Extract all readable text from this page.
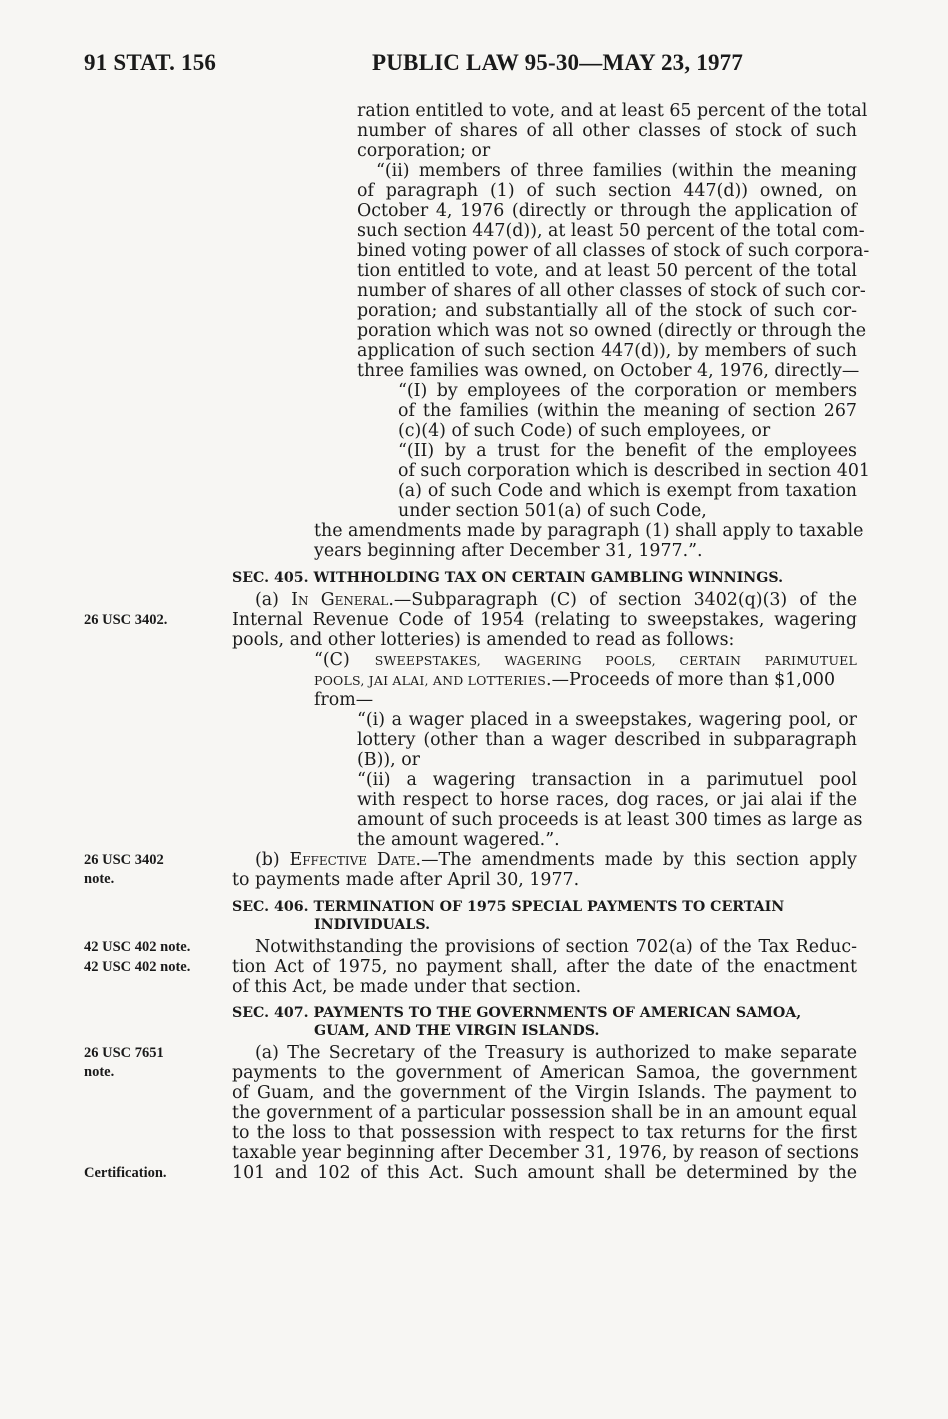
91 STAT. 156	PUBLIC LAW 95-30—MAY 23, 1977
ration entitled to vote, and at least 65 percent of the total
number of shares of all other classes of stock of such
corporation; or
“(ii) members of three families (within the meaning
of paragraph (1) of such section 447(d)) owned, on
October 4, 1976 (directly or through the application of
such section 447(d)), at least 50 percent of the total com-
bined voting power of all classes of stock of such corpora-
tion entitled to vote, and at least 50 percent of the total
number of shares of all other classes of stock of such cor-
poration; and substantially all of the stock of such cor-
poration which was not so owned (directly or through the
application of such section 447(d)), by members of such
three families was owned, on October 4, 1976, directly—
“(I) by employees of the corporation or members
of the families (within the meaning of section 267
(c)(4) of such Code) of such employees, or
“(II) by a trust for the benefit of the employees
of such corporation which is described in section 401
(a) of such Code and which is exempt from taxation
under section 501(a) of such Code,
the amendments made by paragraph (1) shall apply to taxable
years beginning after December 31, 1977.”.
SEC. 405. WITHHOLDING TAX ON CERTAIN GAMBLING WINNINGS.
(a) In General.—Subparagraph (C) of section 3402(q)(3) of the
Internal Revenue Code of 1954 (relating to sweepstakes, wagering
pools, and other lotteries) is amended to read as follows:
“(C) SWEEPSTAKES, WAGERING POOLS, CERTAIN PARIMUTUEL
POOLS, JAI ALAI, AND LOTTERIES.—Proceeds of more than $1,000
from—
“(i) a wager placed in a sweepstakes, wagering pool, or
lottery (other than a wager described in subparagraph
(B)), or
“(ii) a wagering transaction in a parimutuel pool
with respect to horse races, dog races, or jai alai if the
amount of such proceeds is at least 300 times as large as
the amount wagered.”.
(b) Effective Date.—The amendments made by this section apply
to payments made after April 30, 1977.
SEC. 406. TERMINATION OF 1975 SPECIAL PAYMENTS TO CERTAIN
INDIVIDUALS.
Notwithstanding the provisions of section 702(a) of the Tax Reduc-
tion Act of 1975, no payment shall, after the date of the enactment
of this Act, be made under that section.
SEC. 407. PAYMENTS TO THE GOVERNMENTS OF AMERICAN SAMOA,
GUAM, AND THE VIRGIN ISLANDS.
(a) The Secretary of the Treasury is authorized to make separate
payments to the government of American Samoa, the government
of Guam, and the government of the Virgin Islands. The payment to
the government of a particular possession shall be in an amount equal
to the loss to that possession with respect to tax returns for the first
taxable year beginning after December 31, 1976, by reason of sections
101 and 102 of this Act. Such amount shall be determined by the
26 USC 3402.
26 USC 3402
note.
42 USC 402 note.
42 USC 402 note.
26 USC 7651
note.
Certification.
